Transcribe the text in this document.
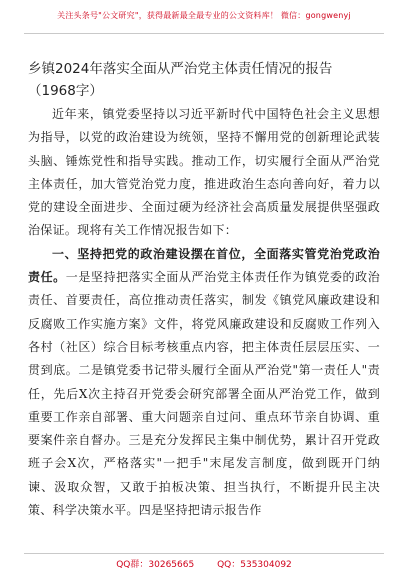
关注头条号"公文研究"，获得最新最全最专业的公文资料库！ 微信：gongwenyj
乡镇2024年落实全面从严治党主体责任情况的报告（1968字）

近年来，镇党委坚持以习近平新时代中国特色社会主义思想为指导，以党的政治建设为统领，坚持不懈用党的创新理论武装头脑、锤炼党性和指导实践。推动工作，切实履行全面从严治党主体责任，加大管党治党力度，推进政治生态向善向好，着力以党的建设全面进步、全面过硬为经济社会高质量发展提供坚强政治保证。现将有关工作情况报告如下：

一、坚持把党的政治建设摆在首位，全面落实管党治党政治责任。一是坚持把落实全面从严治党主体责任作为镇党委的政治责任、首要责任，高位推动责任落实，制发《镇党风廉政建设和反腐败工作实施方案》文件，将党风廉政建设和反腐败工作列入各村（社区）综合目标考核重点内容，把主体责任层层压实、一贯到底。二是镇党委书记带头履行全面从严治党"第一责任人"责任，先后X次主持召开党委会研究部署全面从严治党工作，做到重要工作亲自部署、重大问题亲自过问、重点环节亲自协调、重要案件亲自督办。三是充分发挥民主集中制优势，累计召开党政班子会X次，严格落实"一把手"末尾发言制度，做到既开门纳谏、汲取众智，又敢于拍板决策、担当执行，不断提升民主决策、科学决策水平。四是坚持把请示报告作

QQ群：30265665	QQ：535304092
